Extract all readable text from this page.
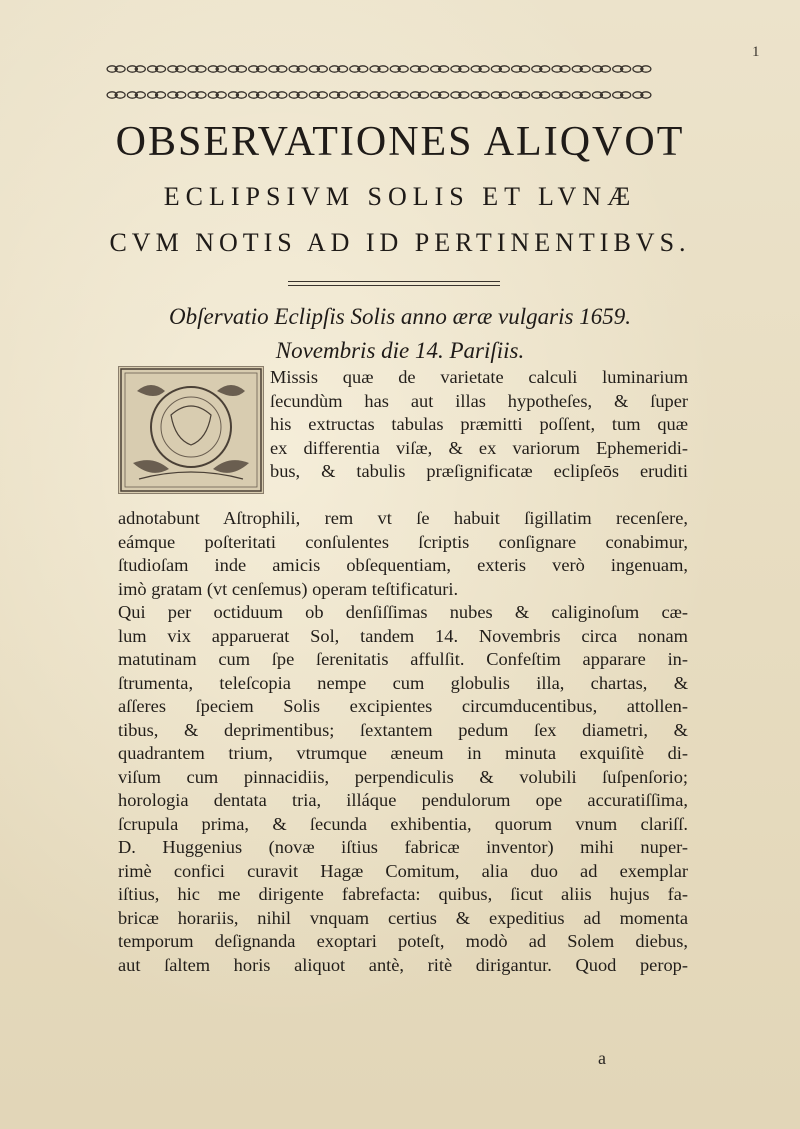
1
OBSERVATIONES ALIQVOT
ECLIPSIVM SOLIS ET LVNÆ
CVM NOTIS AD ID PERTINENTIBVS.
Obſervatio Eclipſis Solis anno æræ vulgaris 1659.
Novembris die 14. Pariſiis.
Missis quæ de varietate calculi luminarium
ſecundùm has aut illas hypotheſes, & ſuper
his extructas tabulas præmitti poſſent, tum quæ
ex differentia viſæ, & ex variorum Ephemeridi-
bus, & tabulis præſignificatæ eclipſeōs eruditi
adnotabunt Aſtrophili, rem vt ſe habuit ſigillatim recenſere,
eámque poſteritati conſulentes ſcriptis conſignare conabimur,
ſtudioſam inde amicis obſequentiam, exteris verò ingenuam,
imò gratam (vt cenſemus) operam teſtificaturi.
Qui per octiduum ob denſiſſimas nubes & caliginoſum cæ-
lum vix apparuerat Sol, tandem 14. Novembris circa nonam
matutinam cum ſpe ſerenitatis affulſit. Confeſtim apparare in-
ſtrumenta, teleſcopia nempe cum globulis illa, chartas, &
aſſeres ſpeciem Solis excipientes circumducentibus, attollen-
tibus, & deprimentibus; ſextantem pedum ſex diametri, &
quadrantem trium, vtrumque æneum in minuta exquiſitè di-
viſum cum pinnacidiis, perpendiculis & volubili ſuſpenſorio;
horologia dentata tria, illáque pendulorum ope accuratiſſima,
ſcrupula prima, & ſecunda exhibentia, quorum vnum clariſſ.
D. Huggenius (novæ iſtius fabricæ inventor) mihi nuper-
rimè confici curavit Hagæ Comitum, alia duo ad exemplar
iſtius, hic me dirigente fabrefacta: quibus, ſicut aliis hujus fa-
bricæ horariis, nihil vnquam certius & expeditius ad momenta
temporum deſignanda exoptari poteſt, modò ad Solem diebus,
aut ſaltem horis aliquot antè, ritè dirigantur. Quod perop-
a
